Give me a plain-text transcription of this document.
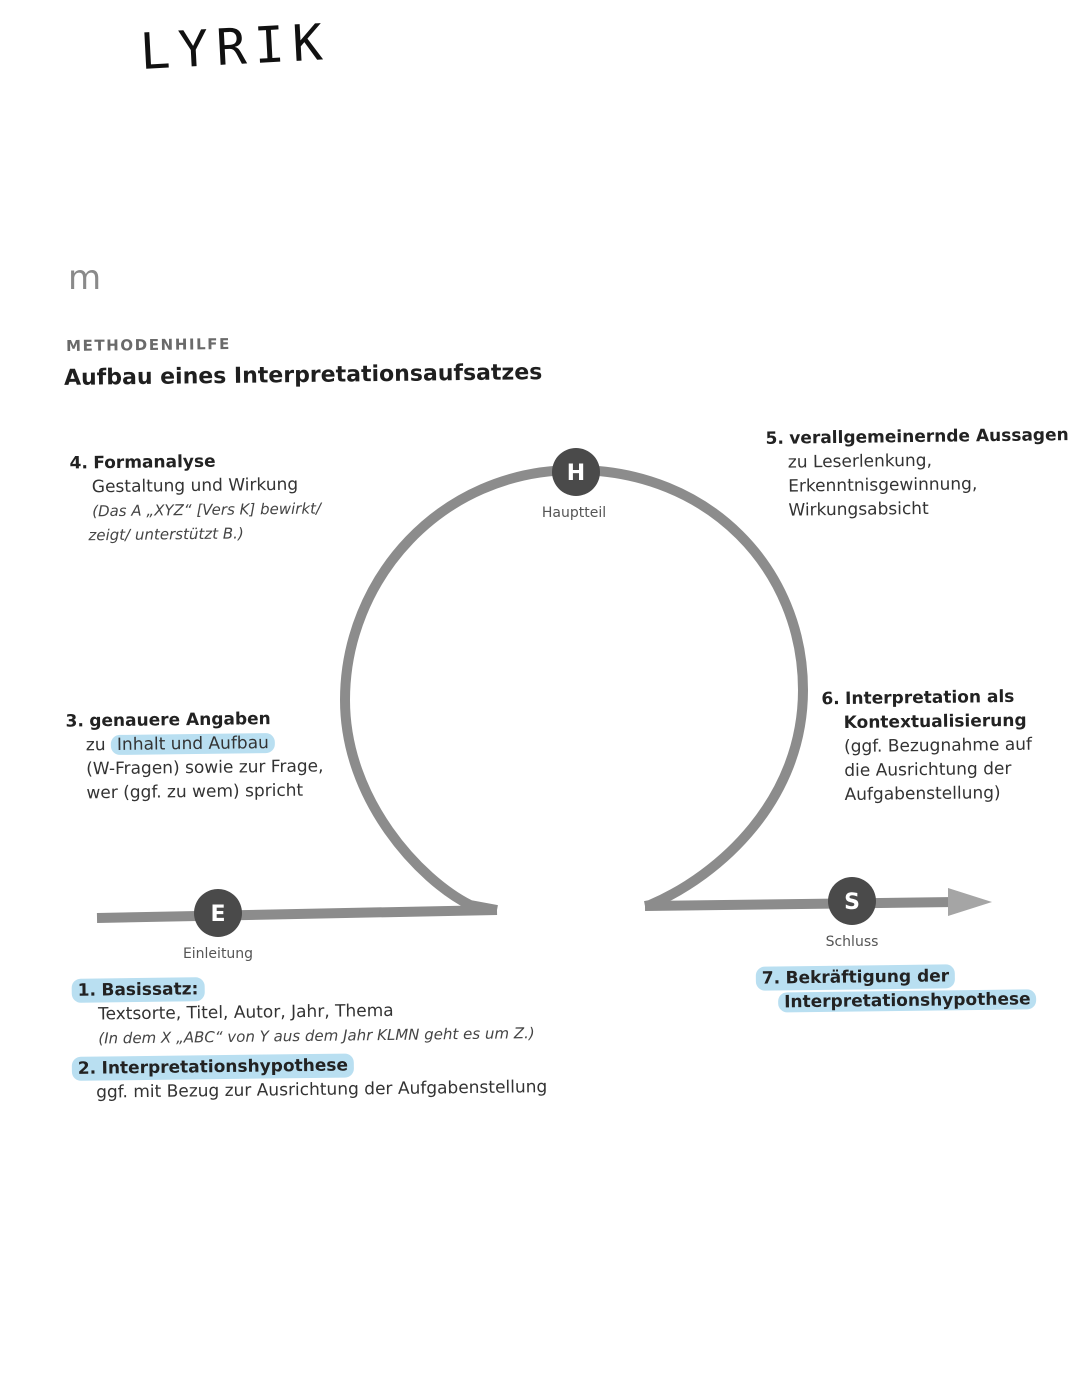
LYRIK
m
METHODENHILFE
Aufbau eines Interpretationsaufsatzes
E
Einleitung
H
Hauptteil
S
Schluss
4. Formanalyse
Gestaltung und Wirkung
(Das A „XYZ“ [Vers K] bewirkt/
zeigt/ unterstützt B.)
5. verallgemeinernde Aussagen
zu Leserlenkung,
Erkenntnisgewinnung,
Wirkungsabsicht
3. genauere Angaben
zu Inhalt und Aufbau
(W-Fragen) sowie zur Frage,
wer (ggf. zu wem) spricht
6. Interpretation als
Kontextualisierung
(ggf. Bezugnahme auf
die Ausrichtung der
Aufgabenstellung)
1. Basissatz:
Textsorte, Titel, Autor, Jahr, Thema
(In dem X „ABC“ von Y aus dem Jahr KLMN geht es um Z.)
2. Interpretationshypothese
ggf. mit Bezug zur Ausrichtung der Aufgabenstellung
7. Bekräftigung der
Interpretationshypothese
